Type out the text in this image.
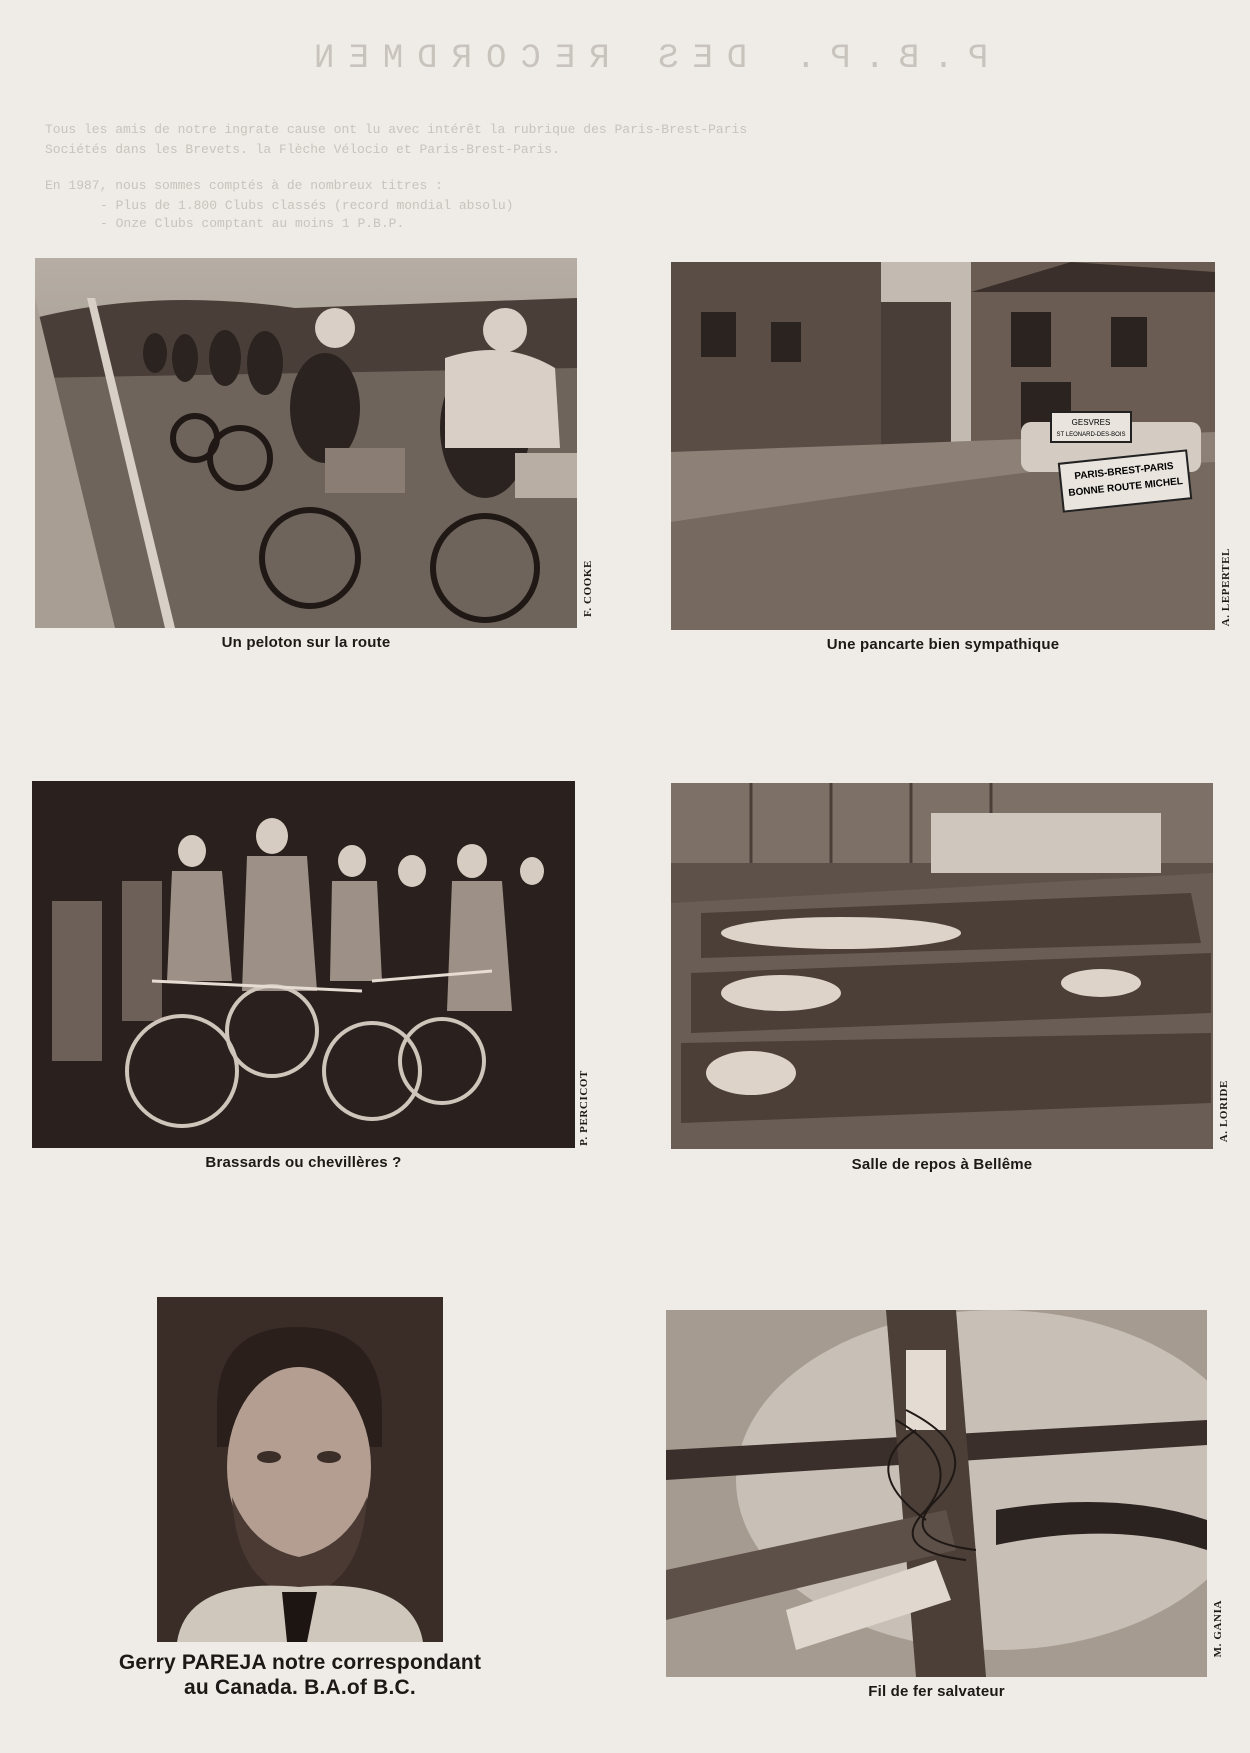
P.B.P. DES RECORDMEN
Tous les amis de notre ingrate cause ont lu avec intérêt la rubrique des Paris-Brest-Paris
Sociétés dans les Brevets. la Flèche Vélocio et Paris-Brest-Paris.
En 1987, nous sommes comptés à de nombreux titres :
- Plus de 1.800 Clubs classés (record mondial absolu)
- Onze Clubs comptant au moins 1 P.B.P.
F. COOKE
Un peloton sur la route
GESVRES
ST LEONARD-DES-BOIS
PARIS-BREST-PARIS
BONNE ROUTE MICHEL
A. LEPERTEL
Une pancarte bien sympathique
P. PERCICOT
Brassards ou chevillères ?
A. LORIDE
Salle de repos à Bellême
Gerry PAREJA notre correspondant
au Canada. B.A.of B.C.
M. GANIA
Fil de fer salvateur
